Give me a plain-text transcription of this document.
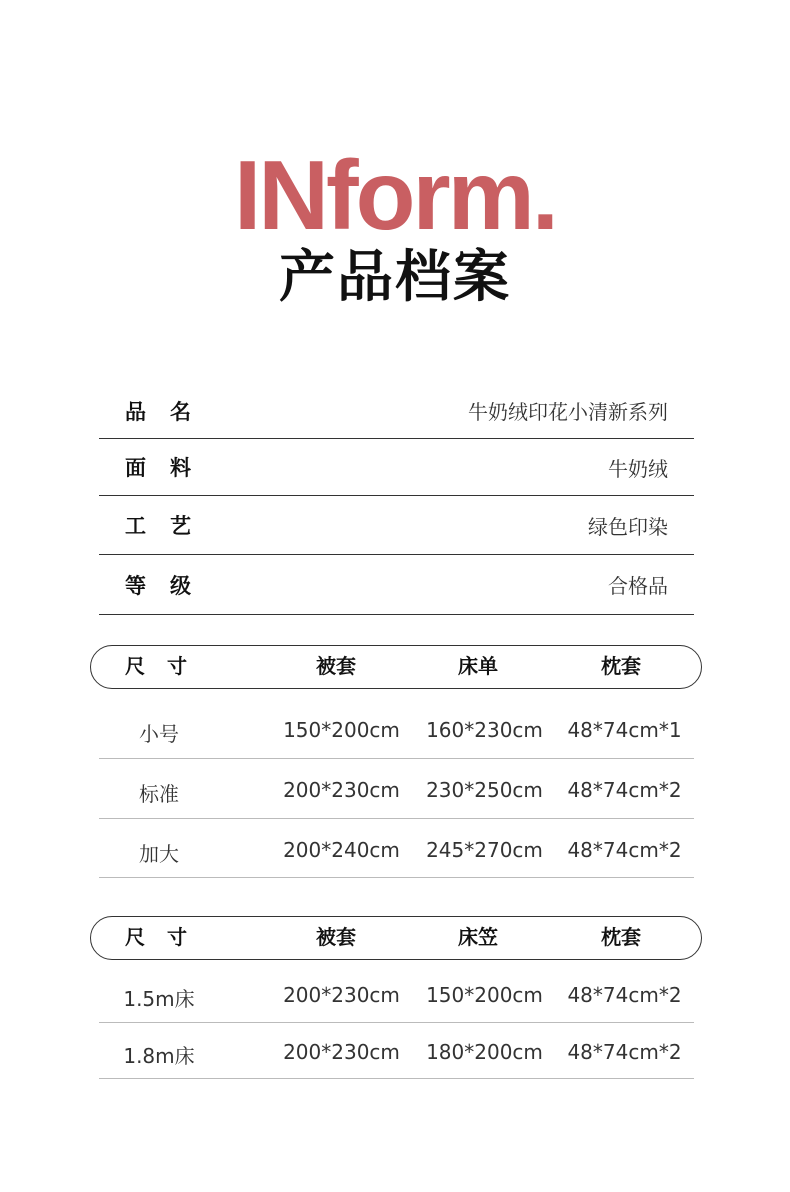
INform.
产品档案
品名	牛奶绒印花小清新系列
面料	牛奶绒
工艺	绿色印染
等级	合格品
尺寸	被套	床单	枕套
小号	150*200cm	160*230cm	48*74cm*1
标准	200*230cm	230*250cm	48*74cm*2
加大	200*240cm	245*270cm	48*74cm*2
尺寸	被套	床笠	枕套
1.5m床	200*230cm	150*200cm	48*74cm*2
1.8m床	200*230cm	180*200cm	48*74cm*2
